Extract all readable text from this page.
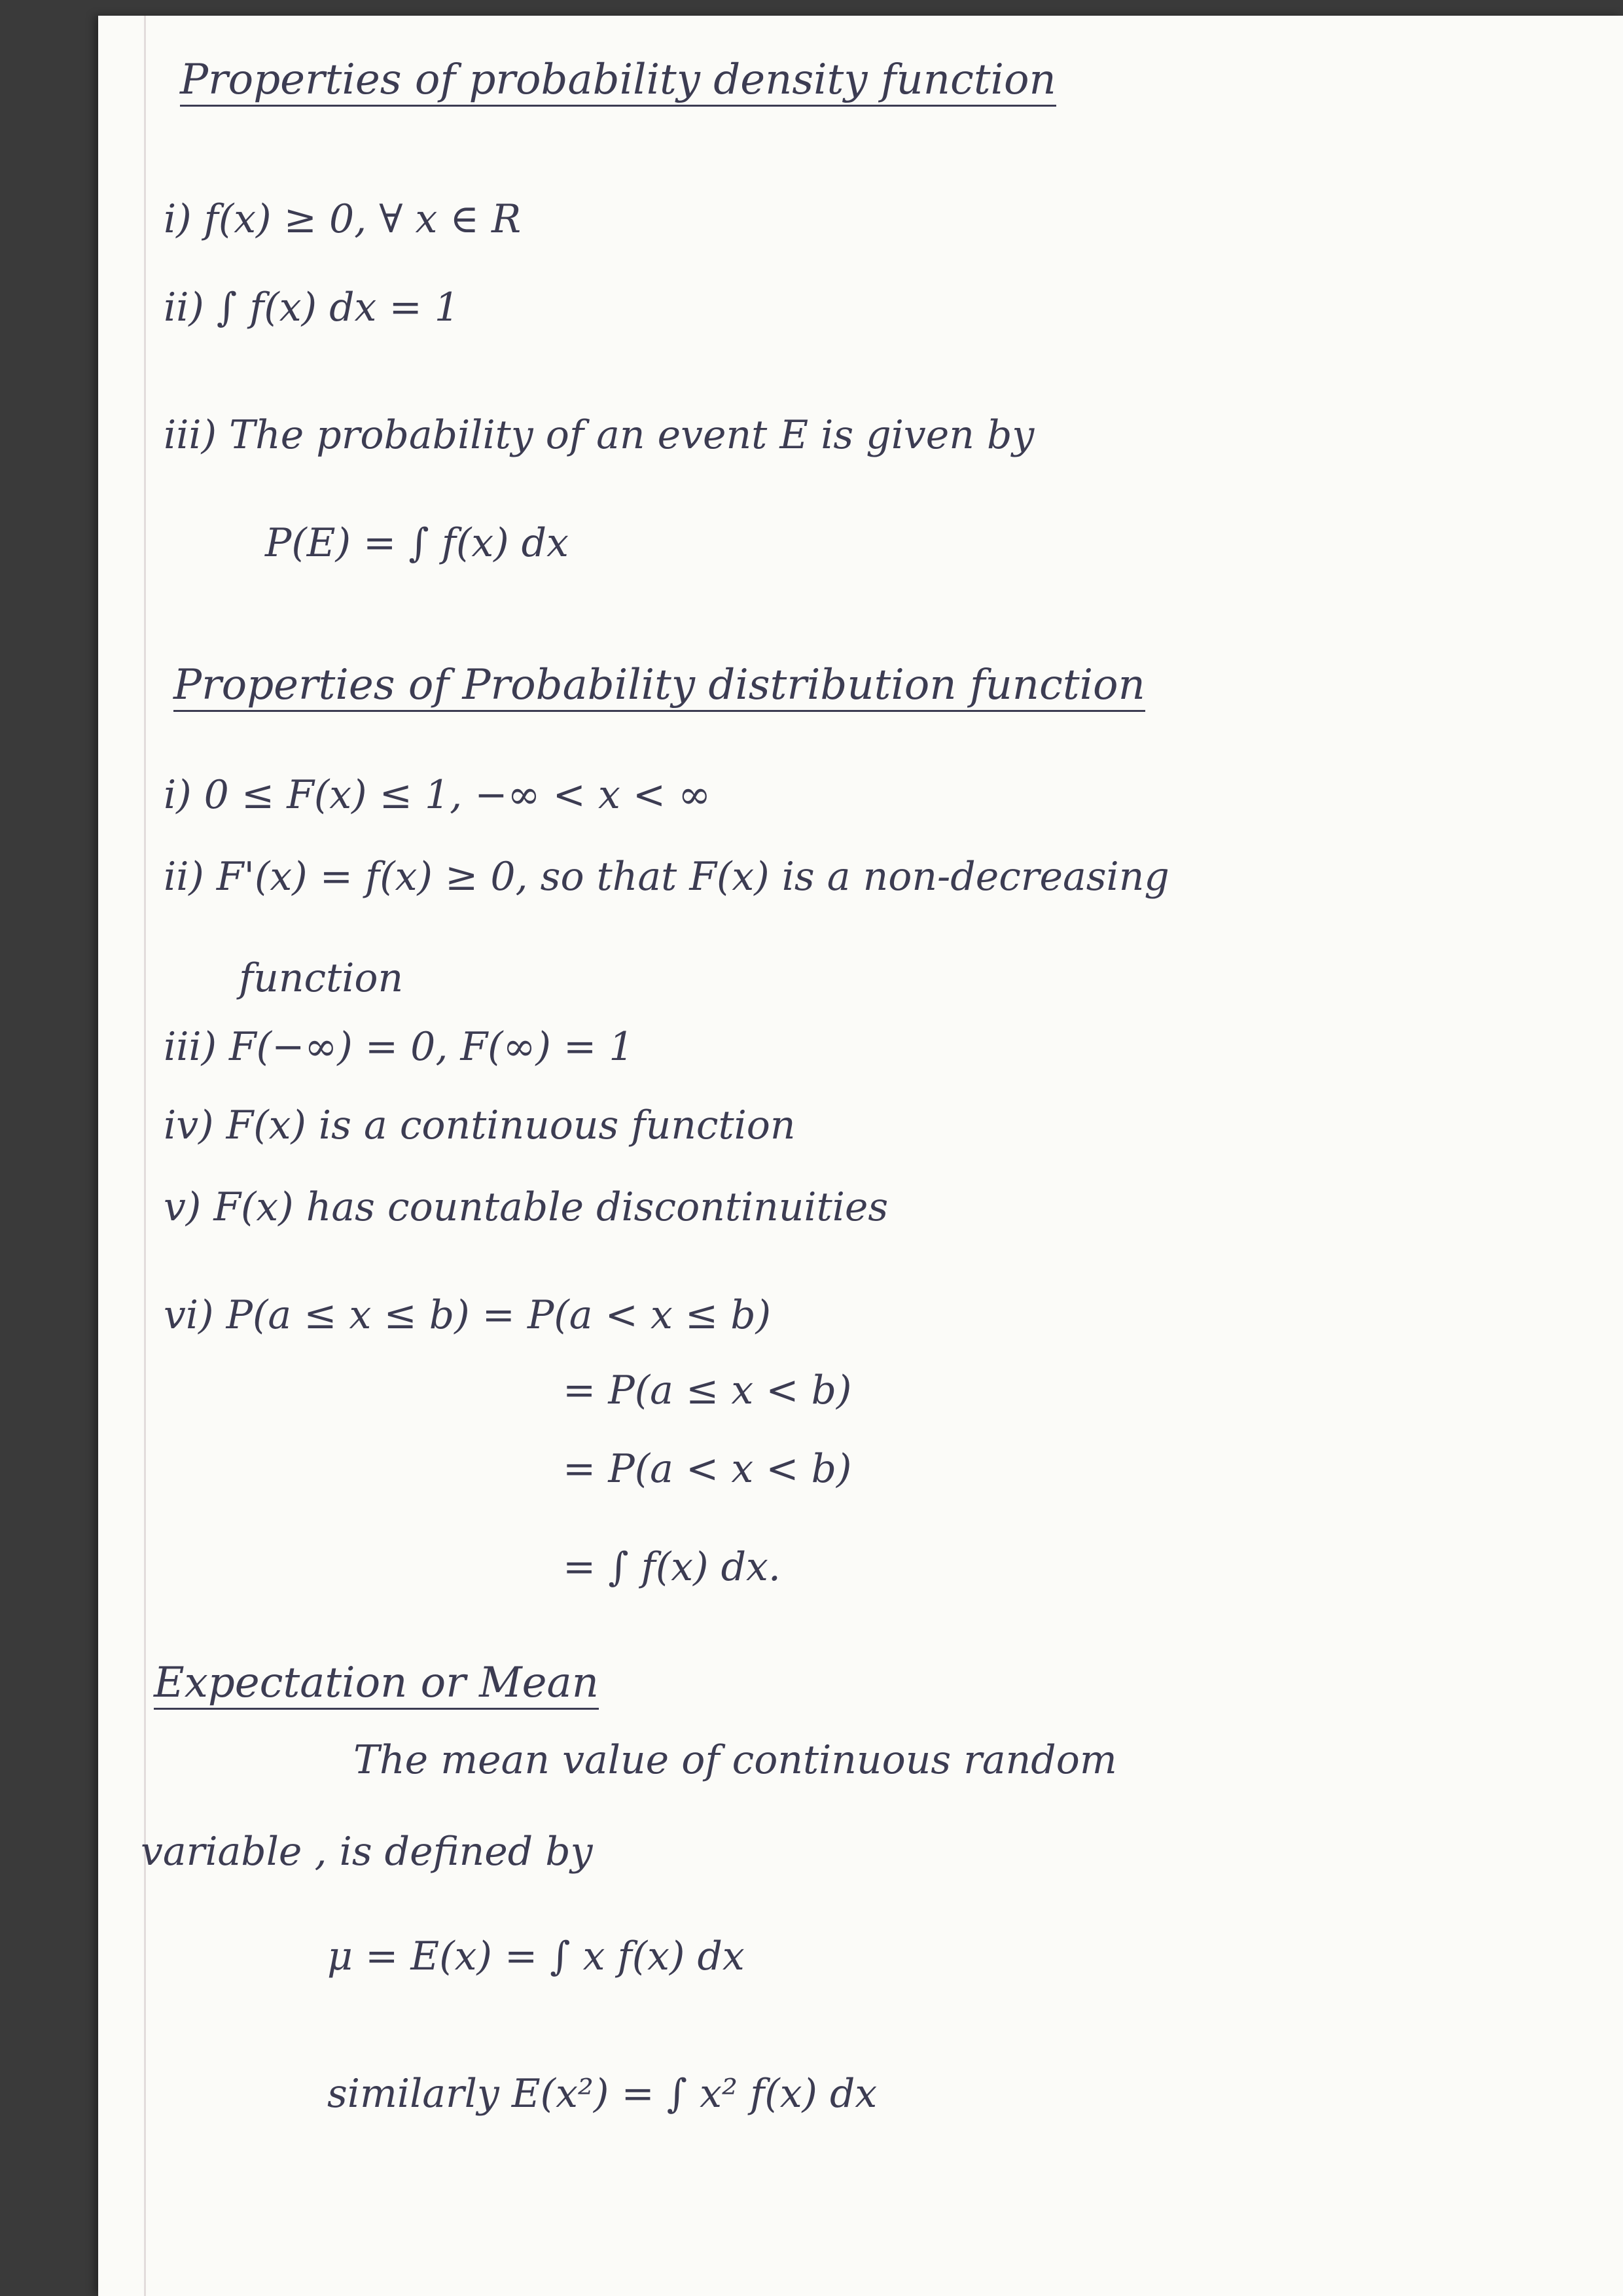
Properties of probability density function
i) f(x) ≥ 0, ∀ x ∈ R
ii) ∫ f(x) dx = 1
iii) The probability of an event E is given by
P(E) = ∫ f(x) dx
Properties of Probability distribution function
i) 0 ≤ F(x) ≤ 1, −∞ < x < ∞
ii) F'(x) = f(x) ≥ 0, so that F(x) is a non-decreasing
function
iii) F(−∞) = 0, F(∞) = 1
iv) F(x) is a continuous function
v) F(x) has countable discontinuities
vi) P(a ≤ x ≤ b) = P(a < x ≤ b)
= P(a ≤ x < b)
= P(a < x < b)
= ∫ f(x) dx.
Expectation or Mean
The mean value of continuous random
variable , is defined by
μ = E(x) = ∫ x f(x) dx
similarly E(x²) = ∫ x² f(x) dx
